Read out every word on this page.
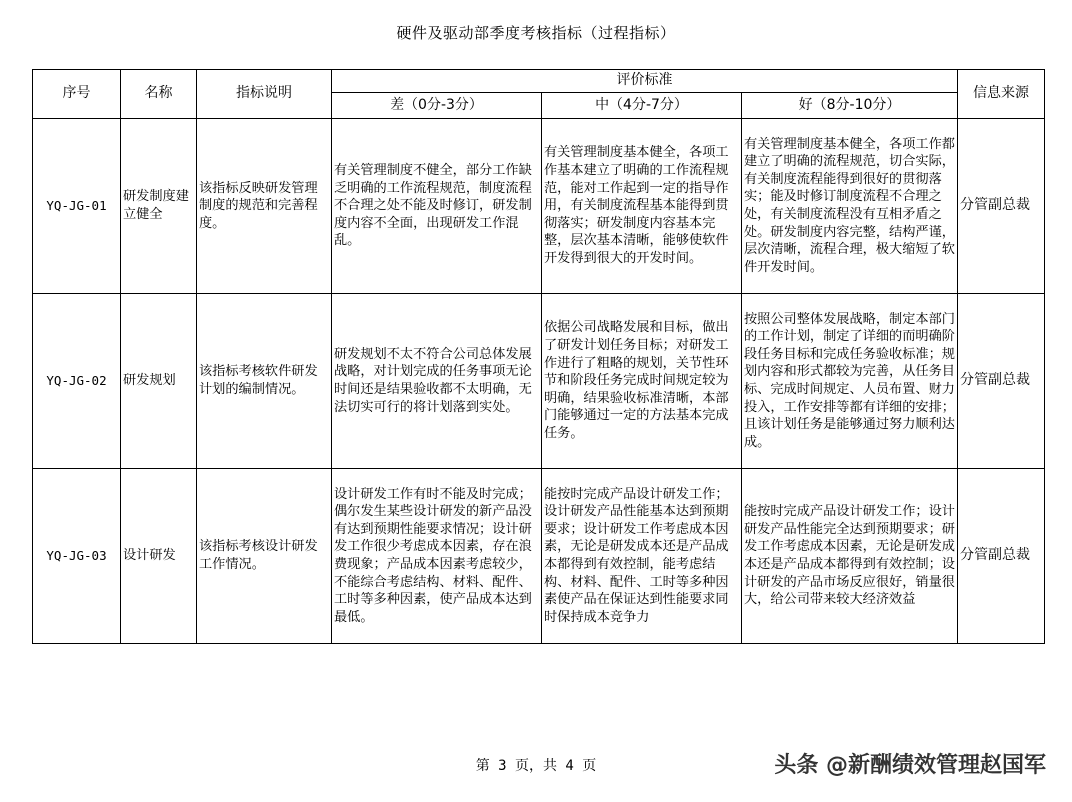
硬件及驱动部季度考核指标（过程指标）
序号	名称	指标说明	评价标准			信息来源
			差（0分-3分）	中（4分-7分）	好（8分-10分）	
YQ-JG-01	研发制度建立健全	该指标反映研发管理制度的规范和完善程度。	有关管理制度不健全，部分工作缺乏明确的工作流程规范，制度流程不合理之处不能及时修订，研发制度内容不全面，出现研发工作混乱。	有关管理制度基本健全，各项工作基本建立了明确的工作流程规范，能对工作起到一定的指导作用，有关制度流程基本能得到贯彻落实；研发制度内容基本完整，层次基本清晰，能够使软件开发得到很大的开发时间。	有关管理制度基本健全，各项工作都建立了明确的流程规范，切合实际，有关制度流程能得到很好的贯彻落实；能及时修订制度流程不合理之处，有关制度流程没有互相矛盾之处。研发制度内容完整，结构严谨，层次清晰，流程合理，极大缩短了软件开发时间。	分管副总裁
YQ-JG-02	研发规划	该指标考核软件研发计划的编制情况。	研发规划不太不符合公司总体发展战略，对计划完成的任务事项无论时间还是结果验收都不太明确，无法切实可行的将计划落到实处。	依据公司战略发展和目标，做出了研发计划任务目标；对研发工作进行了粗略的规划，关节性环节和阶段任务完成时间规定较为明确，结果验收标准清晰，本部门能够通过一定的方法基本完成任务。	按照公司整体发展战略，制定本部门的工作计划，制定了详细的而明确阶段任务目标和完成任务验收标准；规划内容和形式都较为完善，从任务目标、完成时间规定、人员布置、财力投入，工作安排等都有详细的安排；且该计划任务是能够通过努力顺利达成。	分管副总裁
YQ-JG-03	设计研发	该指标考核设计研发工作情况。	设计研发工作有时不能及时完成；偶尔发生某些设计研发的新产品没有达到预期性能要求情况；设计研发工作很少考虑成本因素，存在浪费现象；产品成本因素考虑较少，不能综合考虑结构、材料、配件、工时等多种因素，使产品成本达到最低。	能按时完成产品设计研发工作；设计研发产品性能基本达到预期要求；设计研发工作考虑成本因素，无论是研发成本还是产品成本都得到有效控制，能考虑结构、材料、配件、工时等多种因素使产品在保证达到性能要求同时保持成本竞争力	能按时完成产品设计研发工作；设计研发产品性能完全达到预期要求；研发工作考虑成本因素，无论是研发成本还是产品成本都得到有效控制；设计研发的产品市场反应很好，销量很大，给公司带来较大经济效益	分管副总裁
第 3 页，共 4 页	头条 @新酬绩效管理赵国军
